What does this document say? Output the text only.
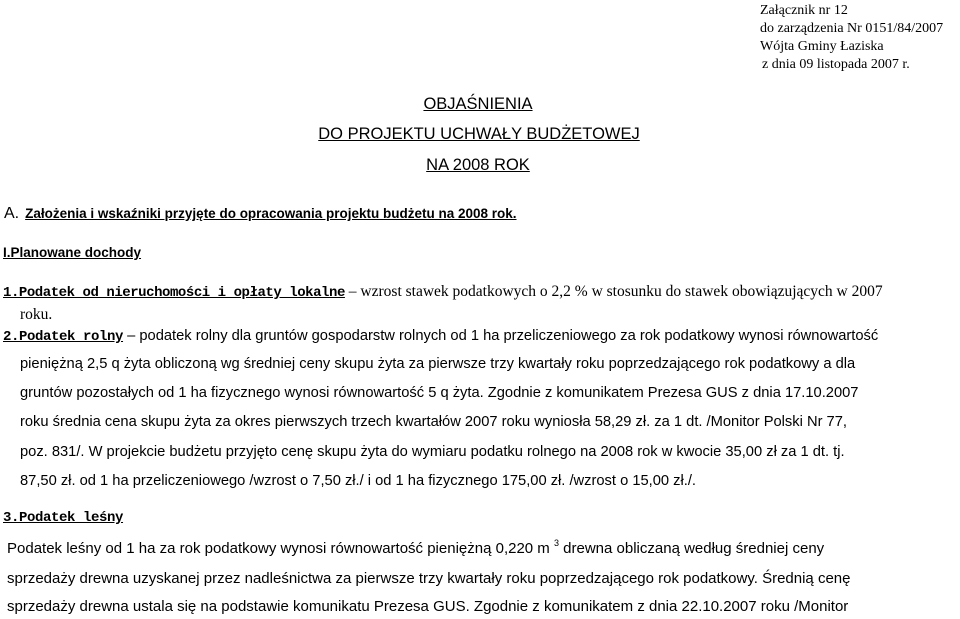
Załącznik nr 12
do zarządzenia Nr 0151/84/2007
Wójta Gminy Łaziska
z dnia 09 listopada 2007 r.
OBJAŚNIENIA
DO PROJEKTU UCHWAŁY BUDŻETOWEJ
NA 2008 ROK
A. Założenia i wskaźniki przyjęte do opracowania projektu budżetu na 2008 rok.
I.Planowane dochody
1.Podatek od nieruchomości i opłaty lokalne – wzrost stawek podatkowych o 2,2 % w stosunku do stawek obowiązujących w 2007
roku.
2.Podatek rolny – podatek rolny dla gruntów gospodarstw rolnych od 1 ha przeliczeniowego za rok podatkowy wynosi równowartość
pieniężną 2,5 q żyta obliczoną wg średniej ceny skupu żyta za pierwsze trzy kwartały roku poprzedzającego rok podatkowy a dla
gruntów pozostałych od 1 ha fizycznego wynosi równowartość 5 q żyta. Zgodnie z komunikatem Prezesa GUS z dnia 17.10.2007
roku średnia cena skupu żyta za okres pierwszych trzech kwartałów 2007 roku wyniosła 58,29 zł. za 1 dt. /Monitor Polski Nr 77,
poz. 831/. W projekcie budżetu przyjęto cenę skupu żyta do wymiaru podatku rolnego na 2008 rok w kwocie 35,00 zł za 1 dt. tj.
87,50 zł. od 1 ha przeliczeniowego /wzrost o 7,50 zł./ i od 1 ha fizycznego 175,00 zł. /wzrost o 15,00 zł./.
3.Podatek leśny
Podatek leśny od 1 ha za rok podatkowy wynosi równowartość pieniężną 0,220 m $^3$ drewna obliczaną według średniej ceny
sprzedaży drewna uzyskanej przez nadleśnictwa za pierwsze trzy kwartały roku poprzedzającego rok podatkowy. Średnią cenę
sprzedaży drewna ustala się na podstawie komunikatu Prezesa GUS. Zgodnie z komunikatem z dnia 22.10.2007 roku /Monitor
